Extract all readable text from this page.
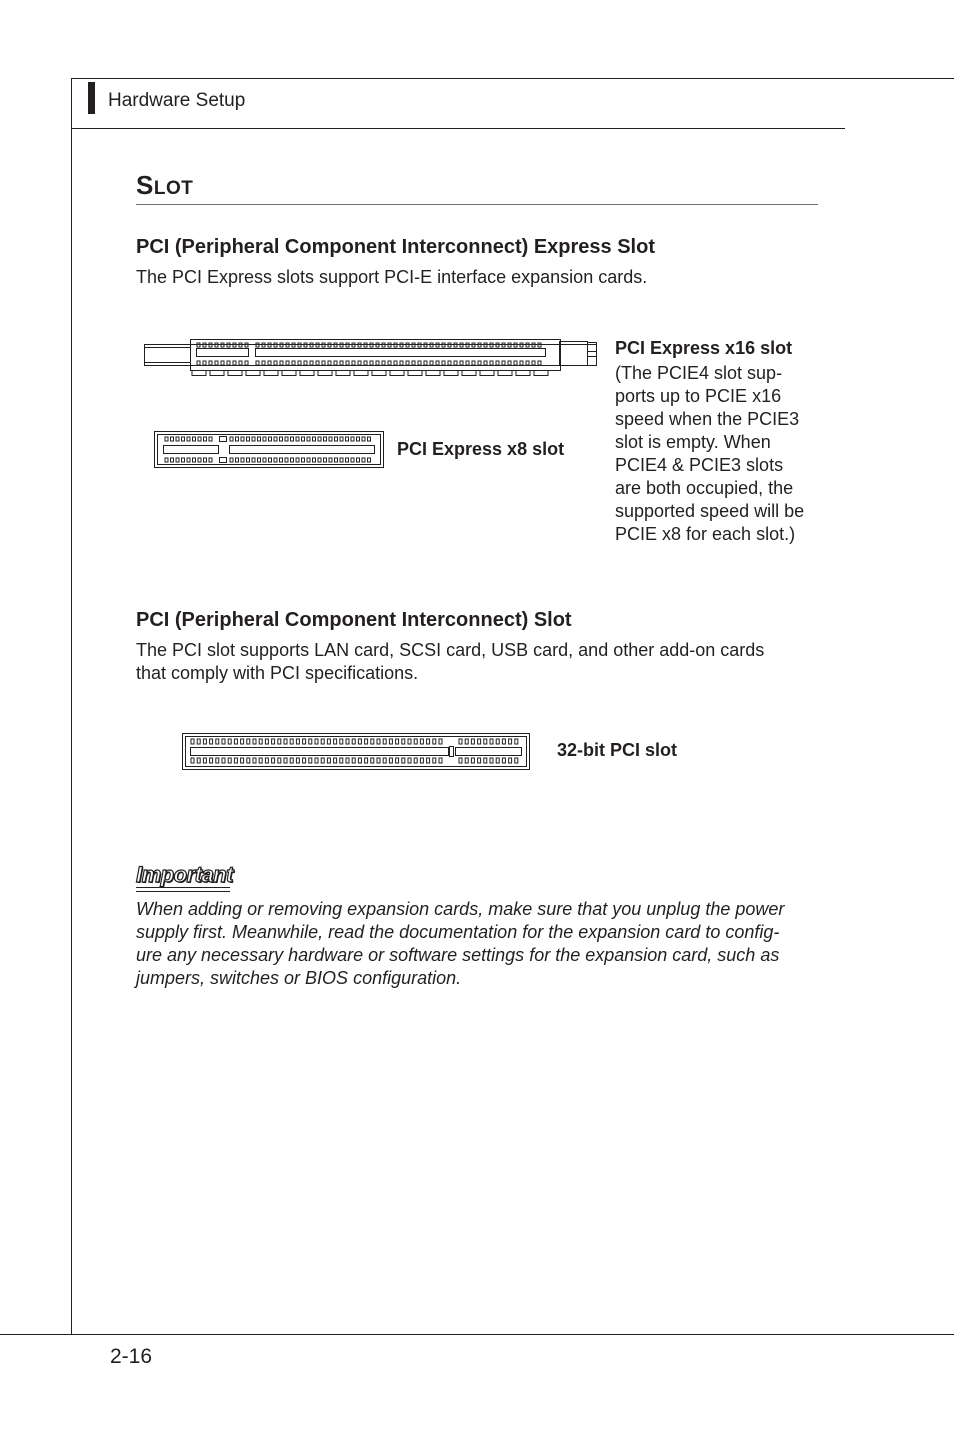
Hardware Setup
SLOT
PCI (Peripheral Component Interconnect) Express Slot
The PCI Express slots support PCI-E interface expansion cards.
PCI Express x16 slot
(The PCIE4 slot sup-
ports up to PCIE x16
speed when the PCIE3
slot is empty. When
PCIE4 & PCIE3 slots
are both occupied, the
supported speed will be
PCIE x8 for each slot.)
PCI Express x8 slot
PCI (Peripheral Component Interconnect) Slot
The PCI slot supports LAN card, SCSI card, USB card, and other add-on cards
that comply with PCI specifications.
32-bit PCI slot
Important
When adding or removing expansion cards, make sure that you unplug the power
supply first. Meanwhile, read the documentation for the expansion card to config-
ure any necessary hardware or software settings for the expansion card, such as
jumpers, switches or BIOS configuration.
2-16
